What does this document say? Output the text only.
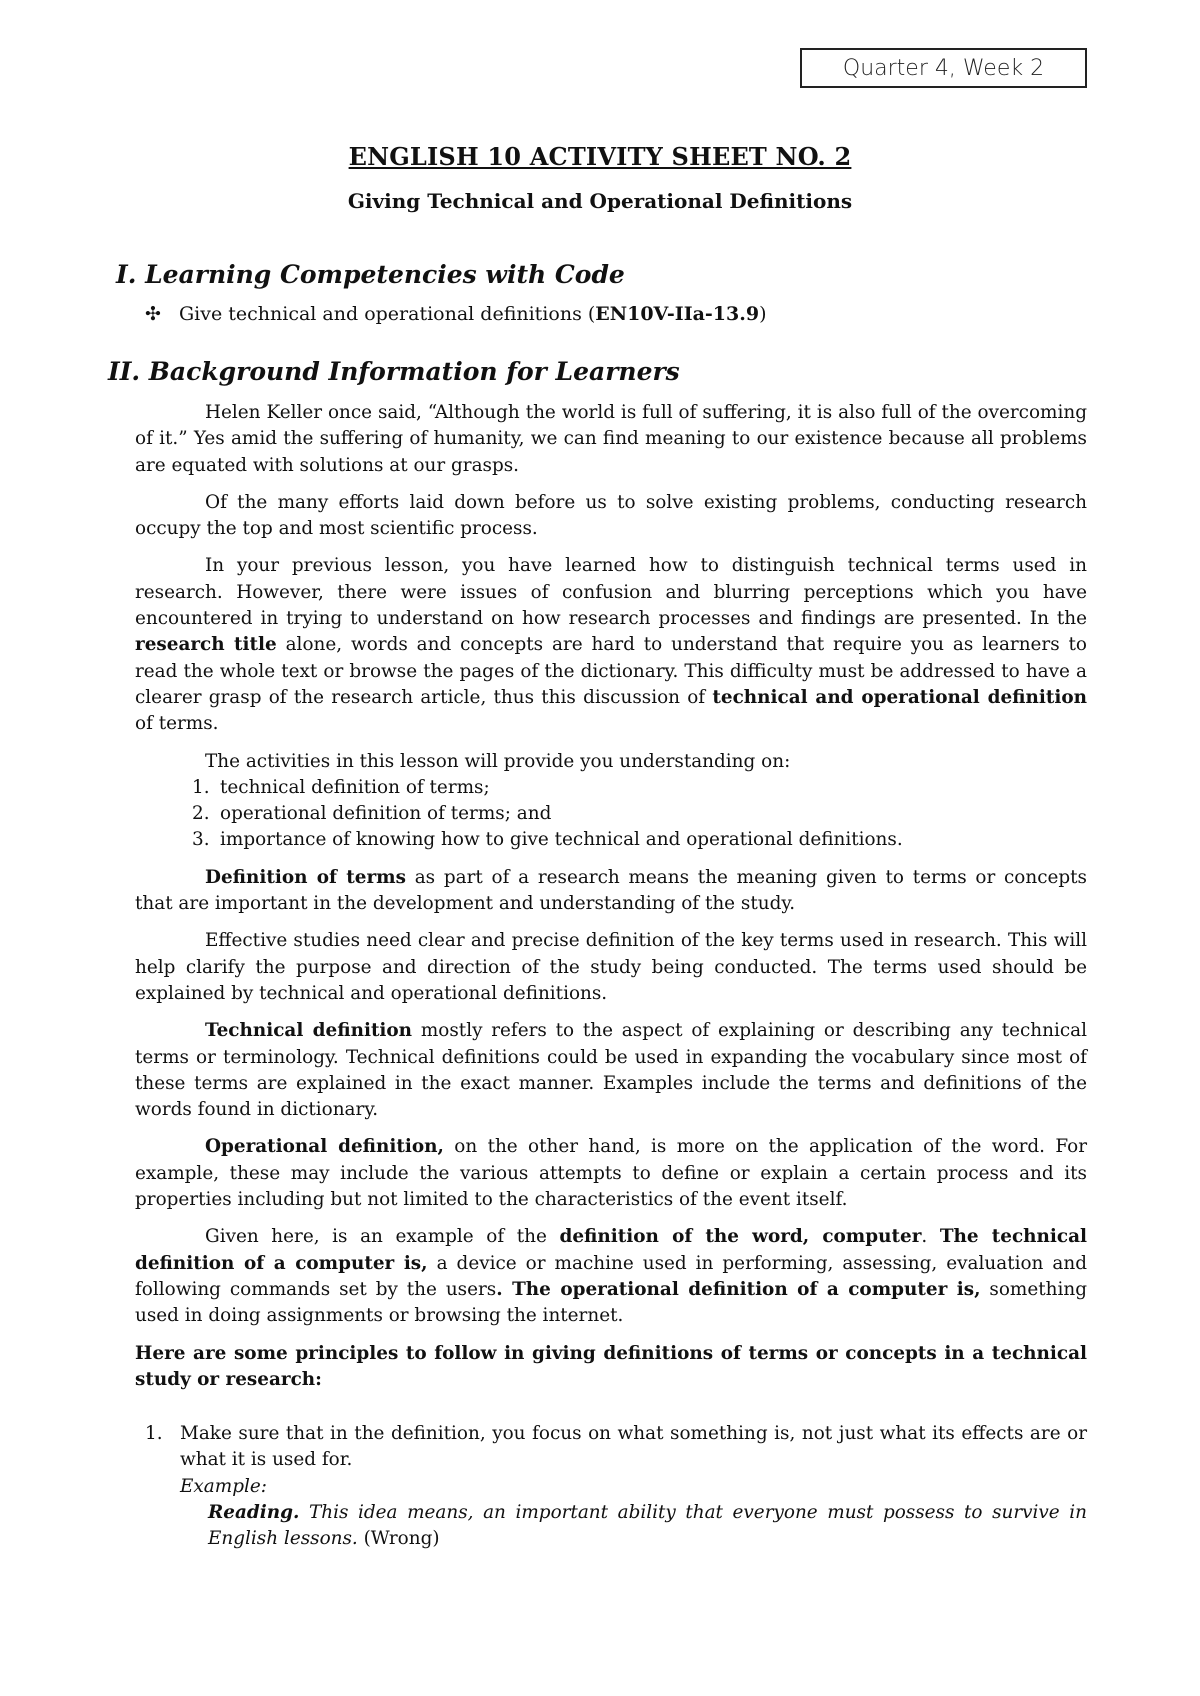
Quarter 4, Week 2
ENGLISH 10 ACTIVITY SHEET NO. 2
Giving Technical and Operational Definitions
I. Learning Competencies with Code
✣ Give technical and operational definitions (EN10V-IIa-13.9)
II. Background Information for Learners

Helen Keller once said, “Although the world is full of suffering, it is also full of the overcoming of it.” Yes amid the suffering of humanity, we can find meaning to our existence because all problems are equated with solutions at our grasps.

Of the many efforts laid down before us to solve existing problems, conducting research occupy the top and most scientific process.

In your previous lesson, you have learned how to distinguish technical terms used in research. However, there were issues of confusion and blurring perceptions which you have encountered in trying to understand on how research processes and findings are presented. In the research title alone, words and concepts are hard to understand that require you as learners to read the whole text or browse the pages of the dictionary. This difficulty must be addressed to have a clearer grasp of the research article, thus this discussion of technical and operational definition of terms.

The activities in this lesson will provide you understanding on:

1. technical definition of terms;
2. operational definition of terms; and
3. importance of knowing how to give technical and operational definitions.

Definition of terms as part of a research means the meaning given to terms or concepts that are important in the development and understanding of the study.

Effective studies need clear and precise definition of the key terms used in research. This will help clarify the purpose and direction of the study being conducted. The terms used should be explained by technical and operational definitions.

Technical definition mostly refers to the aspect of explaining or describing any technical terms or terminology. Technical definitions could be used in expanding the vocabulary since most of these terms are explained in the exact manner. Examples include the terms and definitions of the words found in dictionary.

Operational definition, on the other hand, is more on the application of the word. For example, these may include the various attempts to define or explain a certain process and its properties including but not limited to the characteristics of the event itself.

Given here, is an example of the definition of the word, computer. The technical definition of a computer is, a device or machine used in performing, assessing, evaluation and following commands set by the users. The operational definition of a computer is, something used in doing assignments or browsing the internet.

Here are some principles to follow in giving definitions of terms or concepts in a technical study or research:

1. Make sure that in the definition, you focus on what something is, not just what its effects are or what it is used for.
Example:
Reading. This idea means, an important ability that everyone must possess to survive in English lessons. (Wrong)
